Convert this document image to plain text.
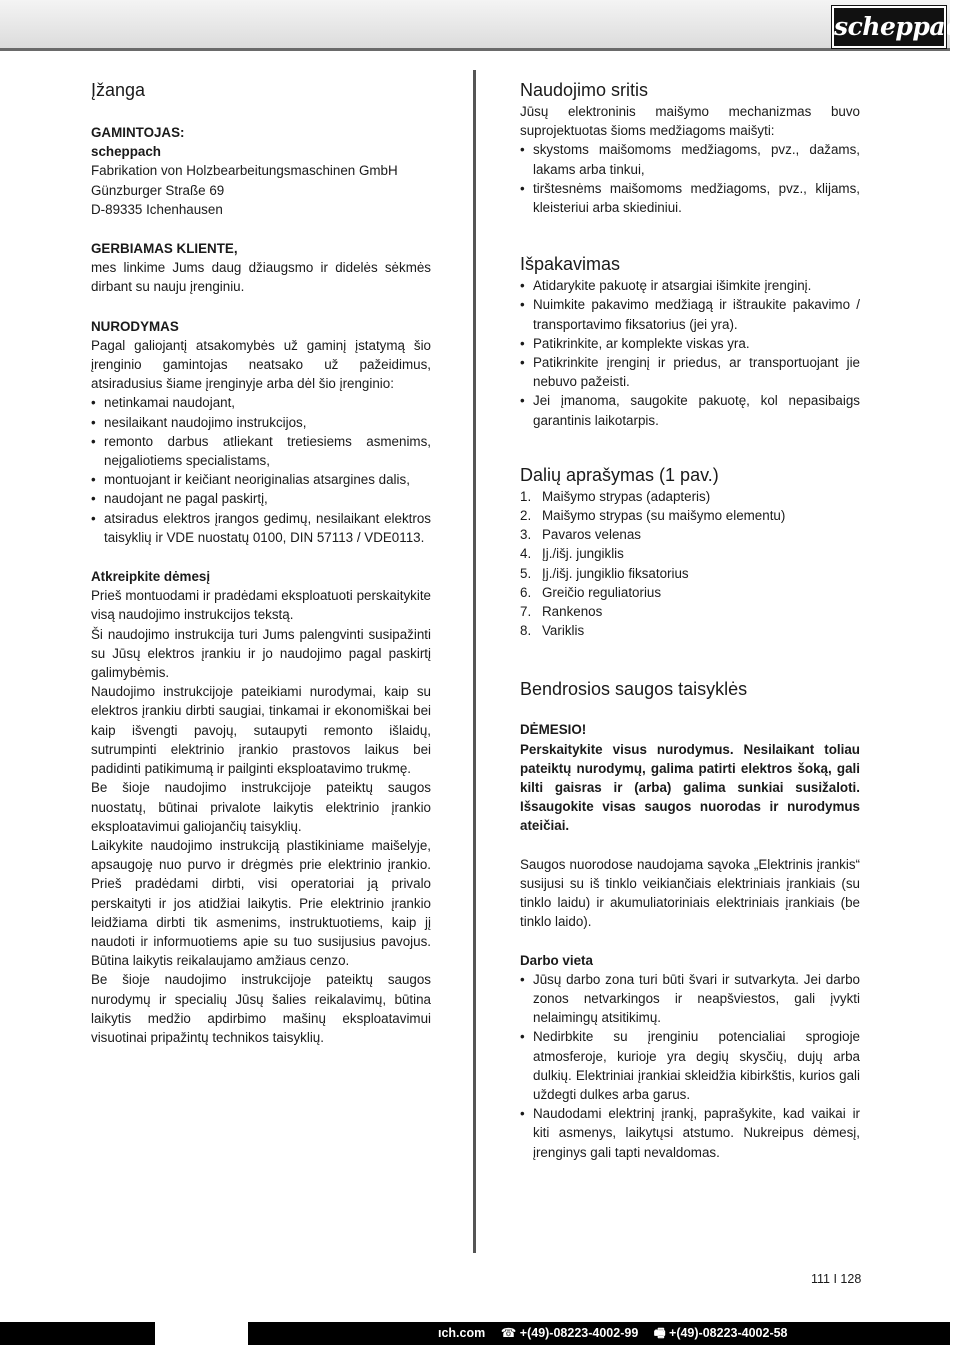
scheppach
Įžanga

GAMINTOJAS:

scheppach

Fabrikation von Holzbearbeitungsmaschinen GmbH

Günzburger Straße 69

D-89335 Ichenhausen

GERBIAMAS KLIENTE,

mes linkime Jums daug džiaugsmo ir didelės sėkmės dirbant su nauju įrenginiu.

NURODYMAS

Pagal galiojantį atsakomybės už gaminį įstatymą šio įrenginio gamintojas neatsako už pažeidimus, atsiradusius šiame įrenginyje arba dėl šio įrenginio:

• netinkamai naudojant,
• nesilaikant naudojimo instrukcijos,
• remonto darbus atliekant tretiesiems asmenims, neįgaliotiems specialistams,
• montuojant ir keičiant neoriginalias atsargines dalis,
• naudojant ne pagal paskirtį,
• atsiradus elektros įrangos gedimų, nesilaikant elektros taisyklių ir VDE nuostatų 0100, DIN 57113 / VDE0113.

Atkreipkite dėmesį

Prieš montuodami ir pradėdami eksploatuoti perskaitykite visą naudojimo instrukcijos tekstą.

Ši naudojimo instrukcija turi Jums palengvinti susipažinti su Jūsų elektros įrankiu ir jo naudojimo pagal paskirtį galimybėmis.

Naudojimo instrukcijoje pateikiami nurodymai, kaip su elektros įrankiu dirbti saugiai, tinkamai ir ekonomiškai bei kaip išvengti pavojų, sutaupyti remonto išlaidų, sutrumpinti elektrinio įrankio prastovos laikus bei padidinti patikimumą ir pailginti eksploatavimo trukmę.

Be šioje naudojimo instrukcijoje pateiktų saugos nuostatų, būtinai privalote laikytis elektrinio įrankio eksploatavimui galiojančių taisyklių.

Laikykite naudojimo instrukciją plastikiniame maišelyje, apsaugoję nuo purvo ir drėgmės prie elektrinio įrankio. Prieš pradėdami dirbti, visi operatoriai ją privalo perskaityti ir jos atidžiai laikytis. Prie elektrinio įrankio leidžiama dirbti tik asmenims, instruktuotiems, kaip jį naudoti ir informuotiems apie su tuo susijusius pavojus. Būtina laikytis reikalaujamo amžiaus cenzo.

Be šioje naudojimo instrukcijoje pateiktų saugos nurodymų ir specialių Jūsų šalies reikalavimų, būtina laikytis medžio apdirbimo mašinų eksploatavimui visuotinai pripažintų technikos taisyklių.

Naudojimo sritis

Jūsų elektroninis maišymo mechanizmas buvo suprojektuotas šioms medžiagoms maišyti:

• skystoms maišomoms medžiagoms, pvz., dažams, lakams arba tinkui,
• tirštesnėms maišomoms medžiagoms, pvz., klijams, kleisteriui arba skiediniui.
Išpakavimas
• Atidarykite pakuotę ir atsargiai išimkite įrenginį.
• Nuimkite pakavimo medžiagą ir ištraukite pakavimo / transportavimo fiksatorius (jei yra).
• Patikrinkite, ar komplekte viskas yra.
• Patikrinkite įrenginį ir priedus, ar transportuojant jie nebuvo pažeisti.
• Jei įmanoma, saugokite pakuotę, kol nepasibaigs garantinis laikotarpis.
Dalių aprašymas (1 pav.)
1. Maišymo strypas (adapteris)
2. Maišymo strypas (su maišymo elementu)
3. Pavaros velenas
4. Įj./išj. jungiklis
5. Įj./išj. jungiklio fiksatorius
6. Greičio reguliatorius
7. Rankenos
8. Variklis
Bendrosios saugos taisyklės

DĖMESIO!

Perskaitykite visus nurodymus. Nesilaikant toliau pateiktų nurodymų, galima patirti elektros šoką, gali kilti gaisras ir (arba) galima sunkiai susižaloti. Išsaugokite visas saugos nuorodas ir nurodymus ateičiai.

Saugos nuorodose naudojama sąvoka „Elektrinis įrankis“ susijusi su iš tinklo veikiančiais elektriniais įrankiais (su tinklo laidu) ir akumuliatoriniais elektriniais įrankiais (be tinklo laido).

Darbo vieta

• Jūsų darbo zona turi būti švari ir sutvarkyta. Jei darbo zonos netvarkingos ir neapšviestos, gali įvykti nelaimingų atsitikimų.
• Nedirbkite su įrenginiu potencialiai sprogioje atmosferoje, kurioje yra degių skysčių, dujų arba dulkių. Elektriniai įrankiai skleidžia kibirkštis, kurios gali uždegti dulkes arba garus.
• Naudodami elektrinį įrankį, paprašykite, kad vaikai ir kiti asmenys, laikytųsi atstumo. Nukreipus dėmesį, įrenginys gali tapti nevaldomas.
111 I 128
ıch.com ☎ +(49)-08223-4002-99 🖷 +(49)-08223-4002-58
